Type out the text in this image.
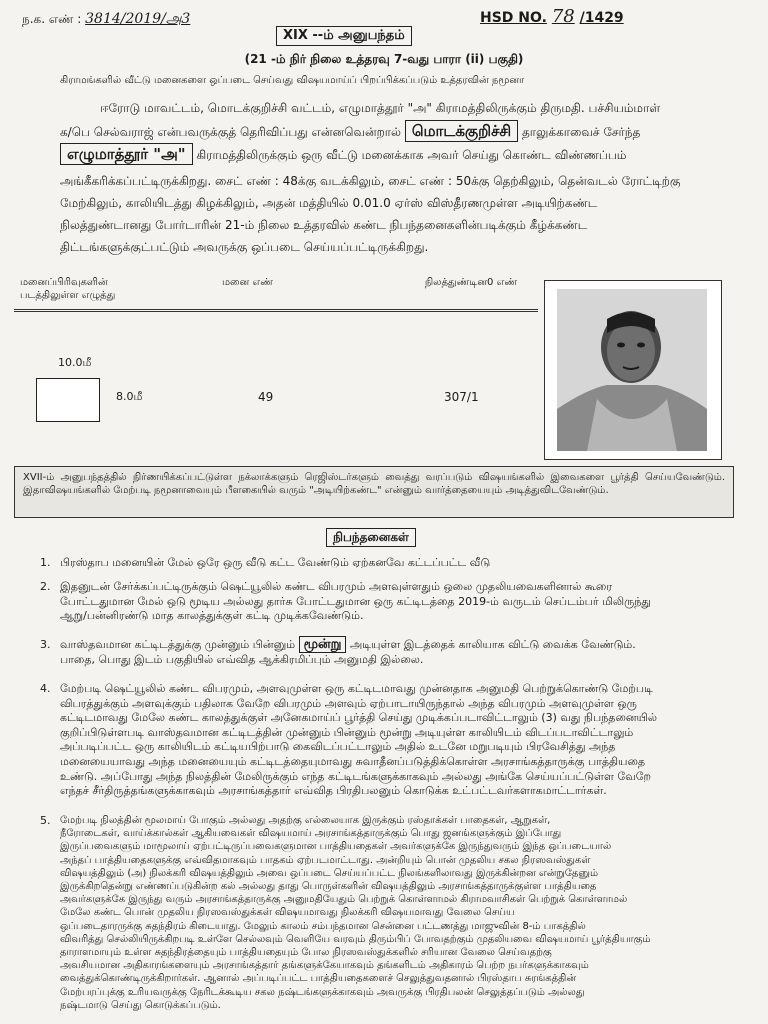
ந.க. எண் : 3814/2019/அ3	HSD NO. 78 /1429
XIX --ம் அனுபந்தம்
(21 -ம் நிர் நிலை உத்தரவு 7-வது பாரா (ii) பகுதி)
கிராமங்களில் வீட்டு மனைகளை ஒப்படை செய்வது விஷயமாய்ப் பிறப்பிக்கப்படும் உத்தரவின் நமூனா
ஈரோடு மாவட்டம், மொடக்குறிச்சி வட்டம், எழுமாத்தூர் "அ" கிராமத்திலிருக்கும் திருமதி. பச்சியம்மாள்
க/பெ செல்வராஜ் என்பவருக்குத் தெரிவிப்பது என்னவென்றால் மொடக்குறிச்சி தாலுக்காவைச் சேர்ந்த
எழுமாத்தூர் "அ" கிராமத்திலிருக்கும் ஒரு வீட்டு மனைக்காக அவர் செய்து கொண்ட விண்ணப்பம்
அங்கீகரிக்கப்பட்டிருக்கிறது. சைட் எண் : 48க்கு வடக்கிலும், சைட் எண் : 50க்கு தெற்கிலும், தென்வடல் ரோட்டிற்கு
மேற்கிலும், காலியிடத்து கிழக்கிலும், அதன் மத்தியில் 0.01.0 ஏர்ஸ் விஸ்தீரணமுள்ள அடியிற்கண்ட
நிலத்துண்டானது போர்டாரின் 21-ம் நிலை உத்தரவில் கண்ட நிபந்தனைகளின்படிக்கும் கீழ்க்கண்ட
திட்டங்களுக்குட்பட்டும் அவருக்கு ஒப்படை செய்யப்பட்டிருக்கிறது.
மனைப்பிரிவுகளின் படத்திலுள்ள எழுத்து
மனை எண்	நிலத்துண்டின0 எண்
10.0மீ
8.0மீ	49	307/1
XVII-ம் அனுபந்தத்தில் நிர்ணயிக்கப்பட்டுள்ள நக்லாக்களும் ரெஜிஸ்டர்களும் வைத்து வரப்படும் விஷயங்களில் இவைகளை பூர்த்தி செய்யவேண்டும். இதாவிஷயங்களில் மேற்படி நமூனாவையும் பீளகையில் வரும் "அடியிற்கண்ட" என்னும் வார்த்தையையும் அடித்துவிடவேண்டும்.
நிபந்தனைகள்
1. பிரஸ்தாப மனையின் மேல் ஒரே ஒரு வீடு கட்ட வேண்டும் ஏற்கனவே கட்டப்பட்ட வீடு
2. இதனுடன் சேர்க்கப்பட்டிருக்கும் ஷெட்யூலில் கண்ட விபரமும் அளவுள்ளதும் ஒலை முதலியவைகளினால் கூரை
போட்டதுமான மேல் ஒடு மூடிய அல்லது தார்சு போட்டதுமான ஒரு கட்டிடத்தை 2019-ம் வருடம் செப்டம்பர் மிலிருந்து
ஆறு/பன்னிரண்டு மாத காலத்துக்குள் கட்டி முடிக்கவேண்டும்.
3. வாஸ்தவமான கட்டிடத்துக்கு முன்னும் பின்னும் மூன்று அடியுள்ள இடத்தைக் காலியாக விட்டு வைக்க வேண்டும்.
பாதை, பொது இடம் பகுதியில் எவ்வித ஆக்கிரமிப்பும் அனுமதி இல்லை.
4. மேற்படி ஷெட்யூலில் கண்ட விபரமும், அளவுமுள்ள ஒரு கட்டிடமாவது முன்னதாக அனுமதி பெற்றுக்கொண்டு மேற்படி
விபரத்துக்கும் அளவுக்கும் பதிலாக வேறே விபரமும் அளவும் ஏற்பாடாயிருந்தால் அந்த விபரமும் அளவுமுள்ள ஒரு
கட்டிடமாவது மேலே கண்ட காலத்துக்குள் அனேகமாய்ப் பூர்த்தி செய்து முடிக்கப்படாவிட்டாலும் (3) வது நிபந்தனையில்
குறிப்பிடுள்ளபடி வாஸ்தவமான கட்டிடத்தின் முன்னும் பின்னும் மூன்று அடியுள்ள காலியிடம் விடப்படாவிட்டாலும்
அப்படிப்பட்ட ஒரு காலியிடம் கட்டியபிற்பாடு கைவிடப்பட்டாலும் அதில் உடனே மறுபடியும் பிரவேசித்து அந்த
மனையையாவது அந்த மனையையும் கட்டிடத்தையுமாவது சுவாதீனப்படுத்திக்கொள்ள அரசாங்கத்தாருக்கு பாத்தியதை
உண்டு. அப்போது அந்த நிலத்தின் மேலிருக்கும் எந்த கட்டிடங்களுக்காகவும் அல்லது அங்கே செய்யப்பட்டுள்ள வேறே
எந்தச் சீர்திருத்தங்களுக்காகவும் அரசாங்கத்தார் எவ்வித பிரதிபலனும் கொடுக்க உட்பட்டவர்களாகமாட்டார்கள்.
5. மேற்படி நிலத்தின் மூலமாய் போகும் அல்லது அதற்கு எல்லையாக இருக்கும் ரஸ்தாக்கள் பாதைகள், ஆறுகள்,
நீரோடைகள், வாய்க்கால்கள் ஆகியவைகள் விஷயமாய் அரசாங்கத்தாருக்கும் பொது ஜனங்களுக்கும் இப்போது
இருப்பவைகளும் மாமூலாய் ஏற்பட்டிருப்பவைகளுமான பாத்தியதைகள் அவர்களுக்கே இருந்துவரும் இந்த ஒப்படையால்
அந்தப் பாத்தியதைகளுக்கு எவ்விதமாகவும் பாதகம் ஏற்படமாட்டாது. அன்றியும் பொன் முதலிய சகல நிரஸவஸ்துகள்
விஷயத்திலும் (அ) நிலக்கரி விஷயத்திலும் அவை ஒப்படை செய்யப்பட்ட நிலங்களிலாவது இருக்கின்றன என்றுதேனும்
இருக்கிறதென்று எண்ணப்படுகின்ற கல் அல்லது தாது பொருள்களின் விஷயத்திலும் அரசாங்கத்தாருக்குள்ள பாத்தியதை
அவர்களுக்கே இருந்து வரும் அரசாங்கத்தாருக்கு அனுமதியேதும் பெற்றுக் கொள்ளாமல் கிராமவாசிகள் பெற்றுக் கொள்ளாமல்
மேலே கண்ட பொன் முதலிய நிரஸவஸ்துக்கள் விஷயமாவது நிலக்கரி விஷயமாவது வேலை செய்ய
ஒப்படைதாரருக்கு சுதந்திரம் கிடையாது. மேலும் காலம் சம்பந்தமான சென்னை பட்டணத்து மாஜுவின் 8-ம் பாகத்தில்
விவரித்து செல்லியிருக்கிறபடி உள்ளே செல்லவும் வெளியே வரவும் திரும்பிப் போவதற்கும் முதலியவை விஷயமாய் பூர்த்தியாகும்
தாராளமாயும் உள்ள சுதந்திரத்தையும் பாத்தியதையும் போல நிரஸவஸ்துக்களில் சரியான வேலை செய்வதற்கு
அவசியமான அதிகாரங்களையும் அரசாங்கத்தார் தங்களுக்கேயாகவும் தங்களிடம் அதிகாரம் பெற்ற நபர்களுக்காகவும்
வைத்துக்கொண்டிருக்கிறார்கள். ஆனால் அப்படிப்பட்ட பாத்தியதைகளைச் செலுத்துவதனால் பிரஸ்தாப சுரங்கத்தின்
மேற்பரப்புக்கு உரியவருக்கு நேரிடக்கூடிய சகல நஷ்டங்களுக்காகவும் அவருக்கு பிரதிபலன் செலுத்தப்படும் அல்லது
நஷ்டமாடு செய்து கொடுக்கப்படும்.
